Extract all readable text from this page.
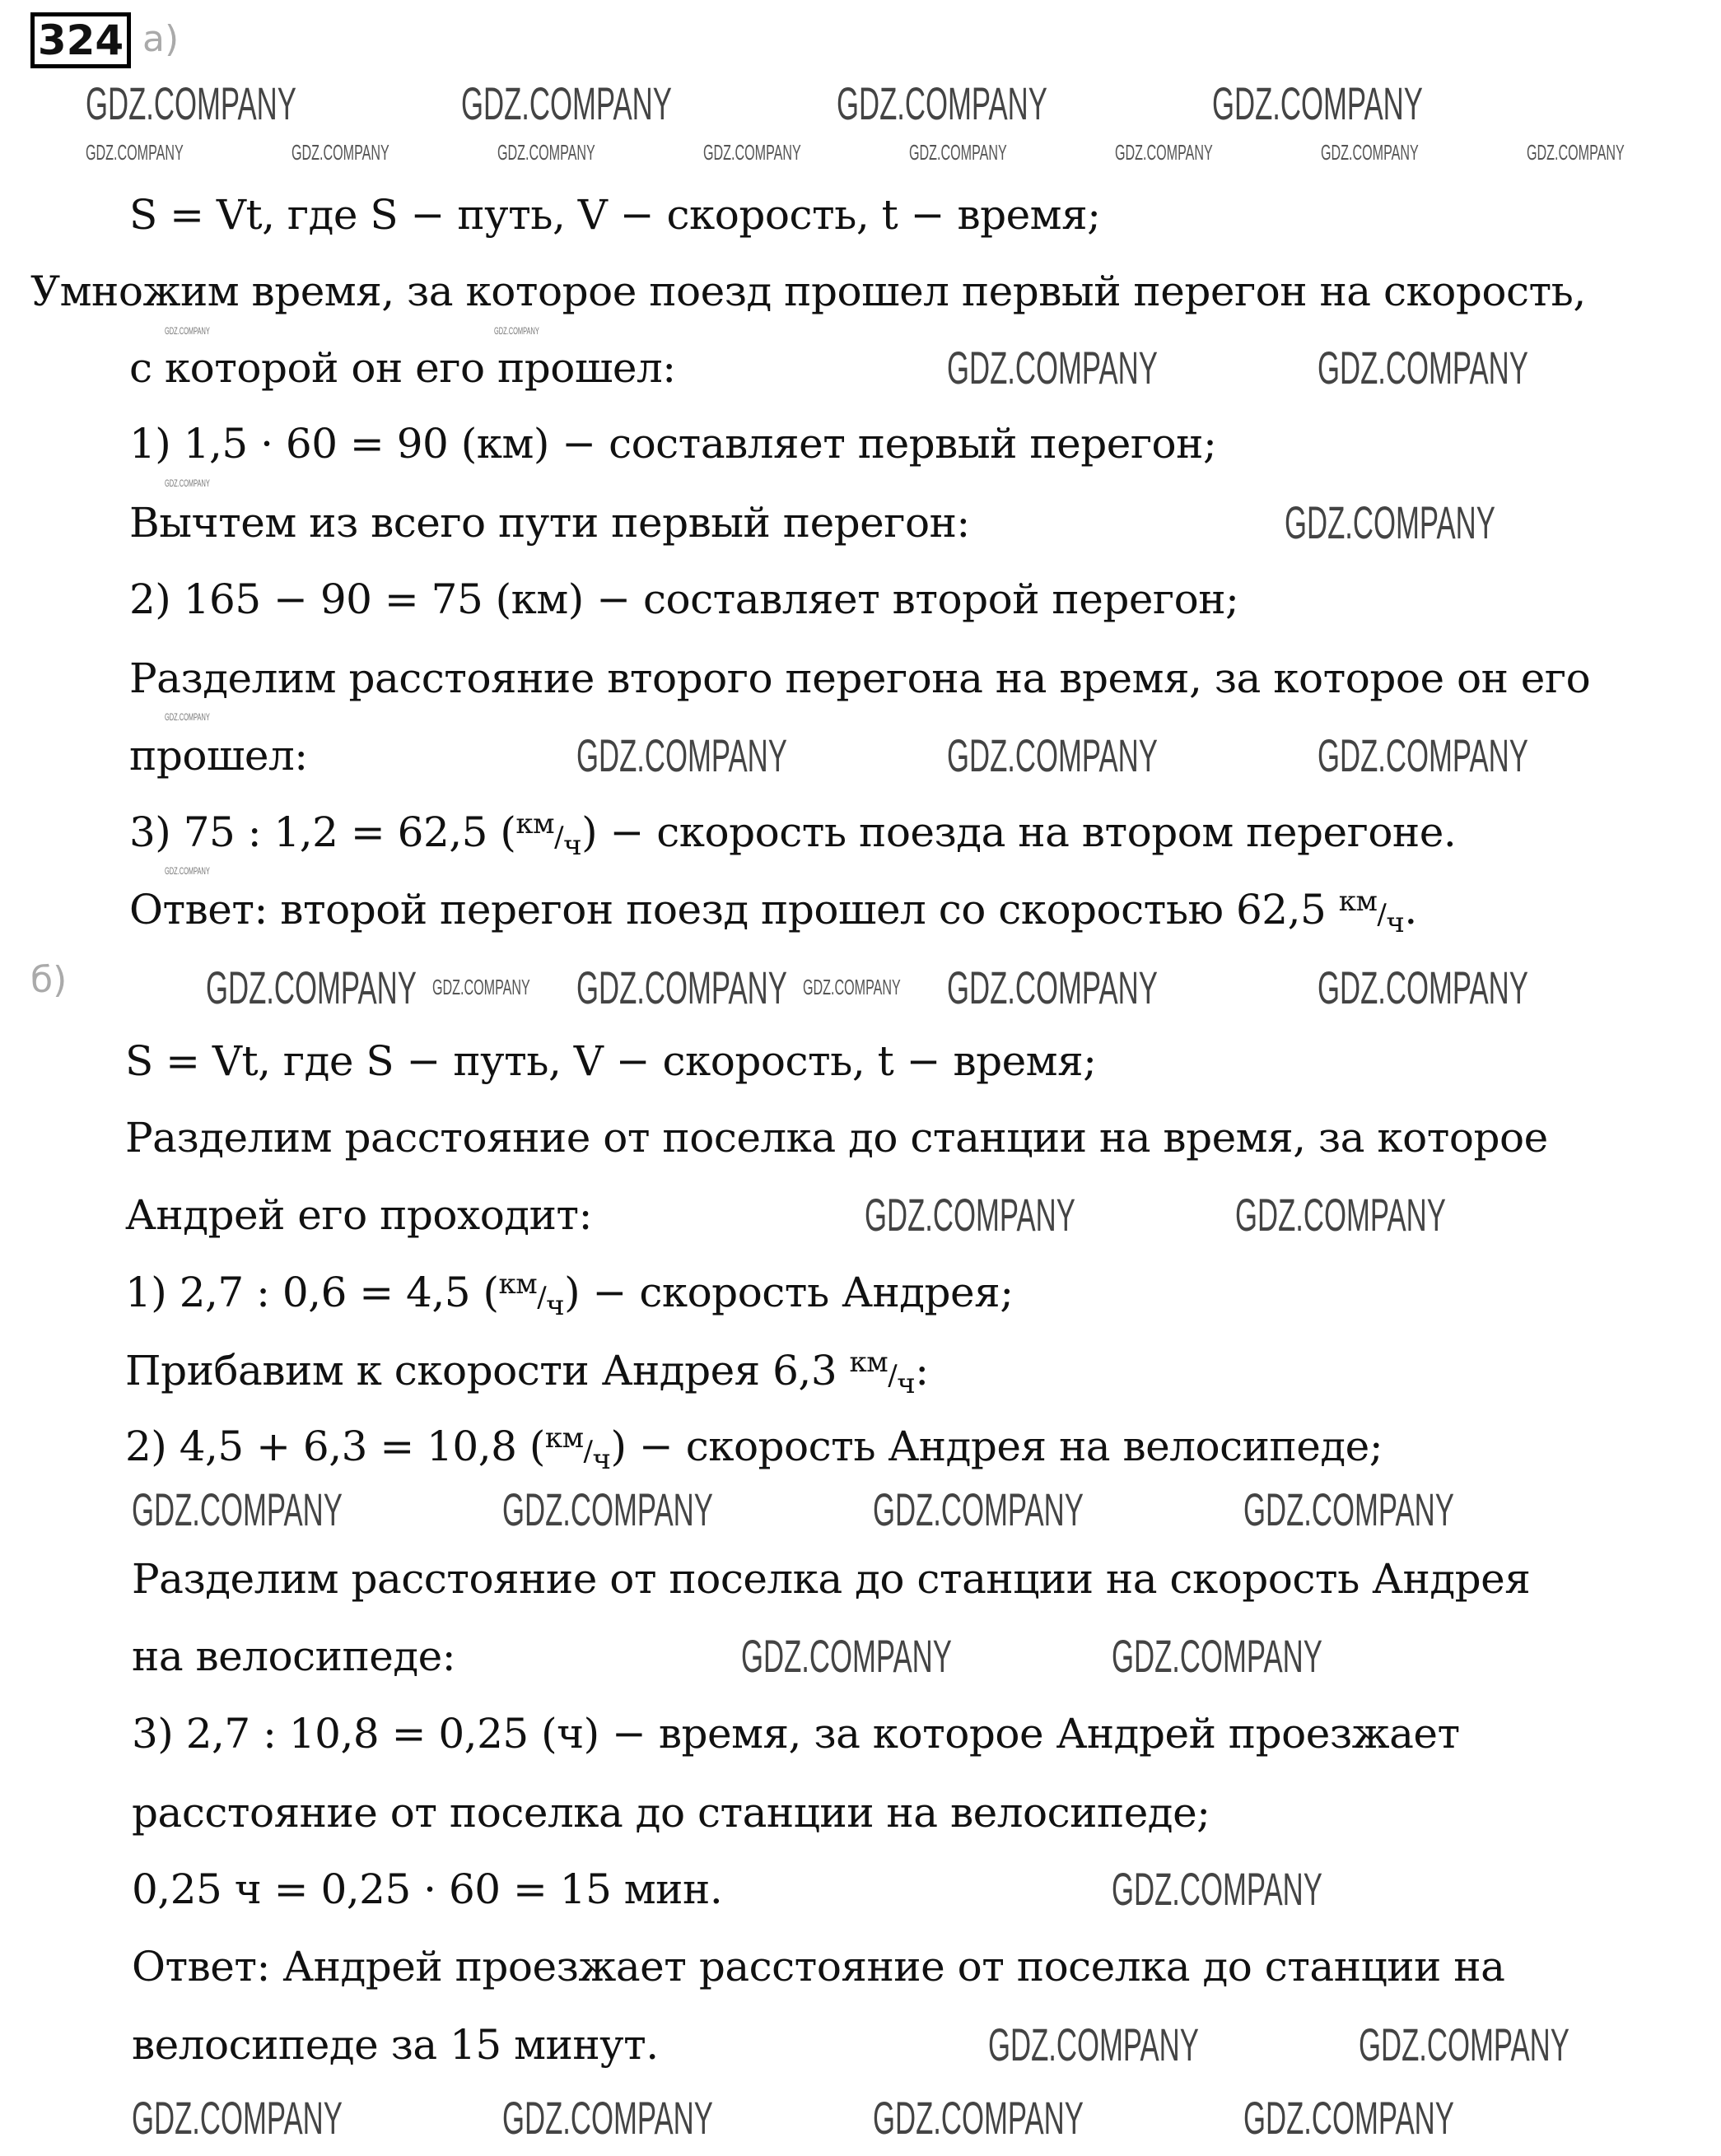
324 а)
S = Vt, где S − путь, V − скорость, t − время;
Умножим время, за которое поезд прошел первый перегон на скорость,
с которой он его прошел:
1) 1,5 · 60 = 90 (км) − составляет первый перегон;
Вычтем из всего пути первый перегон:
2) 165 − 90 = 75 (км) − составляет второй перегон;
Разделим расстояние второго перегона на время, за которое он его
прошел:
3) 75 : 1,2 = 62,5 (км/ч) − скорость поезда на втором перегоне.
Ответ: второй перегон поезд прошел со скоростью 62,5 км/ч.
б)
S = Vt, где S − путь, V − скорость, t − время;
Разделим расстояние от поселка до станции на время, за которое
Андрей его проходит:
1) 2,7 : 0,6 = 4,5 (км/ч) − скорость Андрея;
Прибавим к скорости Андрея 6,3 км/ч:
2) 4,5 + 6,3 = 10,8 (км/ч) − скорость Андрея на велосипеде;
Разделим расстояние от поселка до станции на скорость Андрея
на велосипеде:
3) 2,7 : 10,8 = 0,25 (ч) − время, за которое Андрей проезжает
расстояние от поселка до станции на велосипеде;
0,25 ч = 0,25 · 60 = 15 мин.
Ответ: Андрей проезжает расстояние от поселка до станции на
велосипеде за 15 минут.
GDZ.COMPANY	GDZ.COMPANY	GDZ.COMPANY	GDZ.COMPANY
GDZ.COMPANY	GDZ.COMPANY	GDZ.COMPANY	GDZ.COMPANY	GDZ.COMPANY	GDZ.COMPANY	GDZ.COMPANY	GDZ.COMPANY
GDZ.COMPANY	GDZ.COMPANY
GDZ.COMPANY
GDZ.COMPANY	GDZ.COMPANY	GDZ.COMPANY
GDZ.COMPANY	GDZ.COMPANY
GDZ.COMPANY
GDZ.COMPANY
GDZ.COMPANY
GDZ.COMPANY	GDZ.COMPANY	GDZ.COMPANY	GDZ.COMPANY
GDZ.COMPANY	GDZ.COMPANY
GDZ.COMPANY	GDZ.COMPANY
GDZ.COMPANY	GDZ.COMPANY	GDZ.COMPANY	GDZ.COMPANY
GDZ.COMPANY	GDZ.COMPANY
GDZ.COMPANY
GDZ.COMPANY	GDZ.COMPANY
GDZ.COMPANY	GDZ.COMPANY	GDZ.COMPANY	GDZ.COMPANY
